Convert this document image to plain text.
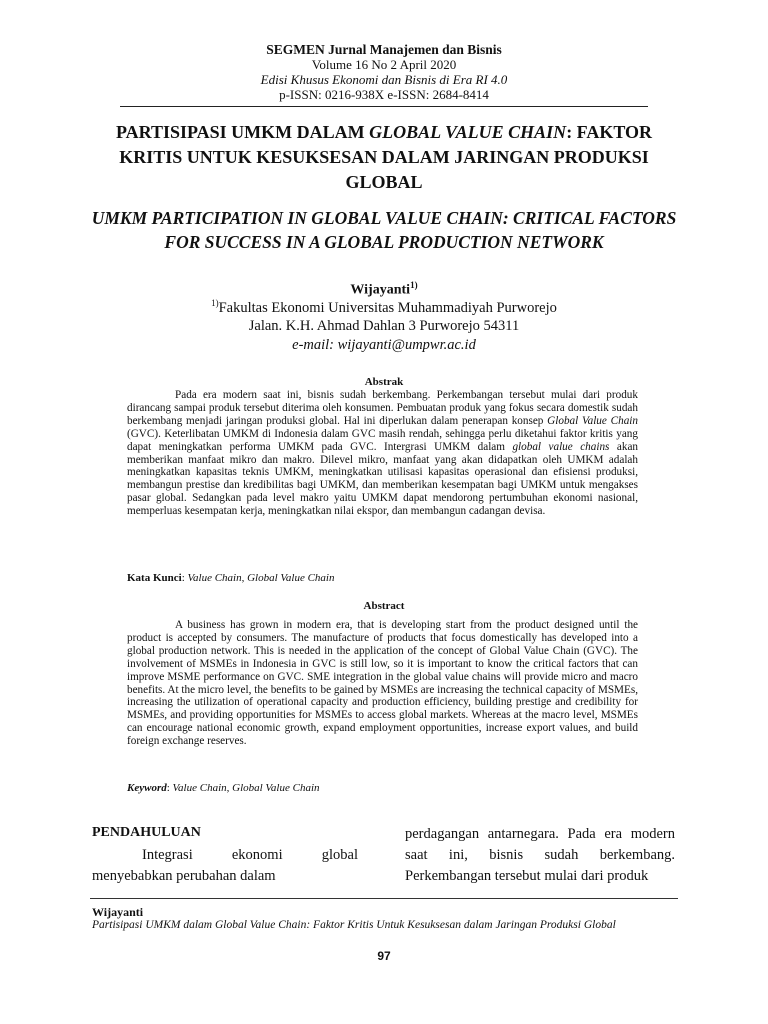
SEGMEN Jurnal Manajemen dan Bisnis
Volume 16 No 2 April 2020
Edisi Khusus Ekonomi dan Bisnis di Era RI 4.0
p-ISSN: 0216-938X e-ISSN: 2684-8414
PARTISIPASI UMKM DALAM GLOBAL VALUE CHAIN: FAKTOR KRITIS UNTUK KESUKSESAN DALAM JARINGAN PRODUKSI GLOBAL
UMKM PARTICIPATION IN GLOBAL VALUE CHAIN: CRITICAL FACTORS FOR SUCCESS IN A GLOBAL PRODUCTION NETWORK
Wijayanti$^{1)}$
$^{1)}$Fakultas Ekonomi Universitas Muhammadiyah Purworejo
Jalan. K.H. Ahmad Dahlan 3 Purworejo 54311
e-mail: wijayanti@umpwr.ac.id
Abstrak

Pada era modern saat ini, bisnis sudah berkembang. Perkembangan tersebut mulai dari produk dirancang sampai produk tersebut diterima oleh konsumen. Pembuatan produk yang fokus secara domestik sudah berkembang menjadi jaringan produksi global. Hal ini diperlukan dalam penerapan konsep Global Value Chain (GVC). Keterlibatan UMKM di Indonesia dalam GVC masih rendah, sehingga perlu diketahui faktor kritis yang dapat meningkatkan performa UMKM pada GVC. Intergrasi UMKM dalam global value chains akan memberikan manfaat mikro dan makro. Dilevel mikro, manfaat yang akan didapatkan oleh UMKM adalah meningkatkan kapasitas teknis UMKM, meningkatkan utilisasi kapasitas operasional dan efisiensi produksi, membangun prestise dan kredibilitas bagi UMKM, dan memberikan kesempatan bagi UMKM untuk mengakses pasar global. Sedangkan pada level makro yaitu UMKM dapat mendorong pertumbuhan ekonomi nasional, memperluas kesempatan kerja, meningkatkan nilai ekspor, dan membangun cadangan devisa.

Kata Kunci: Value Chain, Global Value Chain
Abstract

A business has grown in modern era, that is developing start from the product designed until the product is accepted by consumers. The manufacture of products that focus domestically has developed into a global production network. This is needed in the application of the concept of Global Value Chain (GVC). The involvement of MSMEs in Indonesia in GVC is still low, so it is important to know the critical factors that can improve MSME performance on GVC. SME integration in the global value chains will provide micro and macro benefits. At the micro level, the benefits to be gained by MSMEs are increasing the technical capacity of MSMEs, increasing the utilization of operational capacity and production efficiency, building prestige and credibility for MSMEs, and providing opportunities for MSMEs to access global markets. Whereas at the macro level, MSMEs can encourage national economic growth, expand employment opportunities, increase export values, and build foreign exchange reserves.

Keyword: Value Chain, Global Value Chain
PENDAHULUAN

Integrasi ekonomi global menyebabkan perubahan dalam

perdagangan antarnegara. Pada era modern saat ini, bisnis sudah berkembang. Perkembangan tersebut mulai dari produk

Wijayanti

Partisipasi UMKM dalam Global Value Chain: Faktor Kritis Untuk Kesuksesan dalam Jaringan Produksi Global

97
